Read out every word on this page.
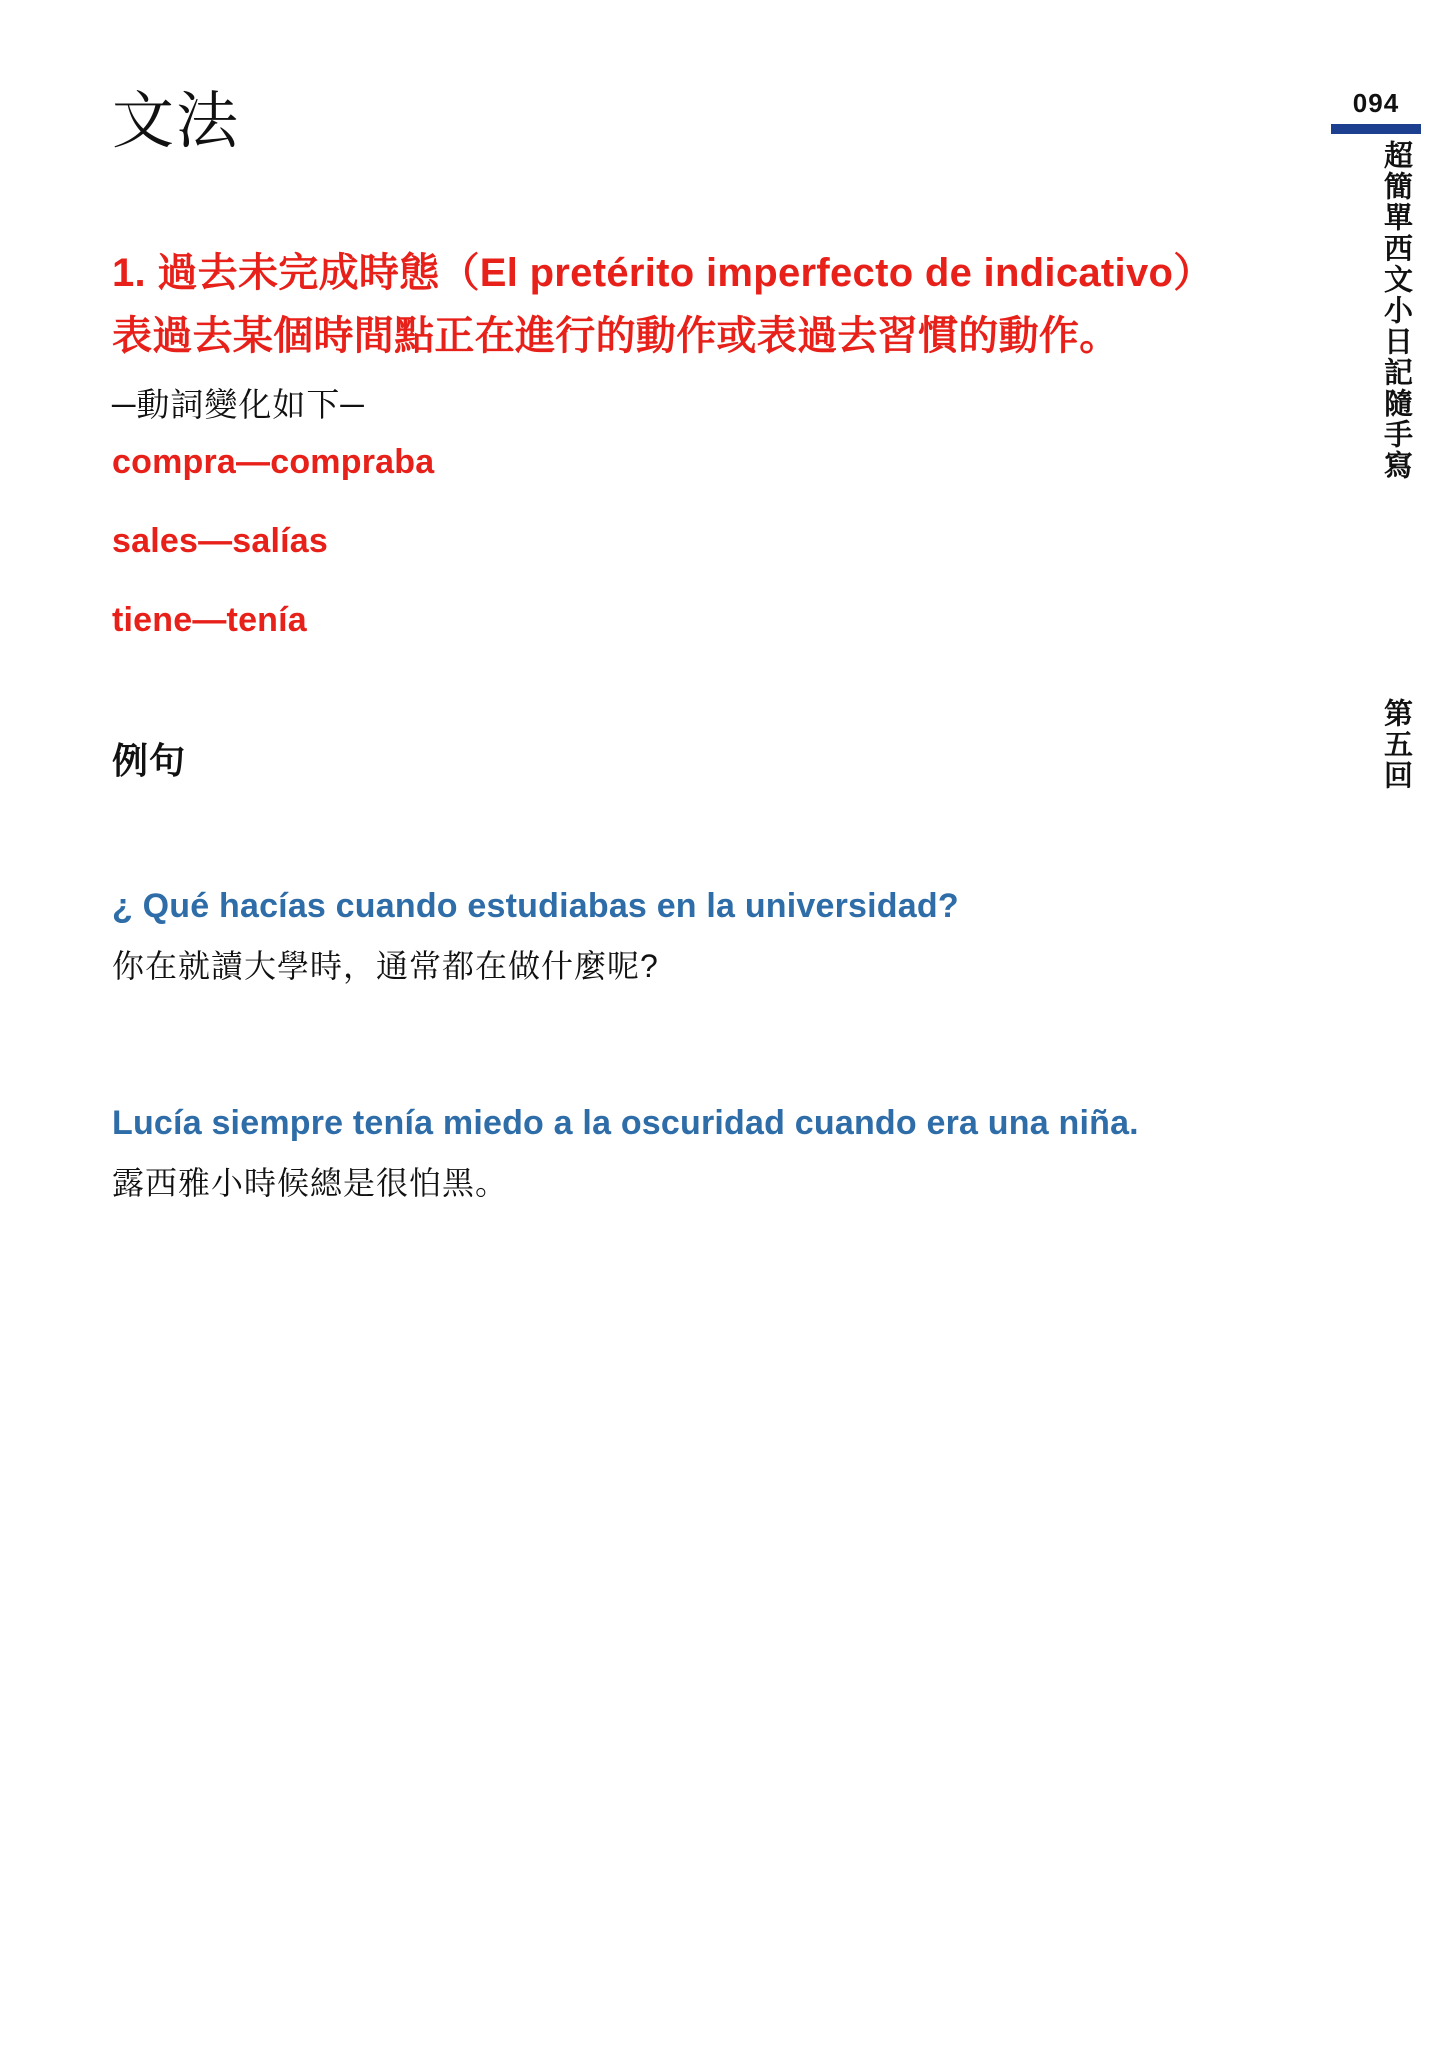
文法

1. 過去未完成時態（El pretérito imperfecto de indicativo）表過去某個時間點正在進行的動作或表過去習慣的動作。

─動詞變化如下─

compra—compraba

sales—salías

tiene—tenía

例句

¿ Qué hacías cuando estudiabas en la universidad?

你在就讀大學時，通常都在做什麼呢?

Lucía siempre tenía miedo a la oscuridad cuando era una niña.

露西雅小時候總是很怕黑。

094
超簡單西文小日記隨手寫
第五回
